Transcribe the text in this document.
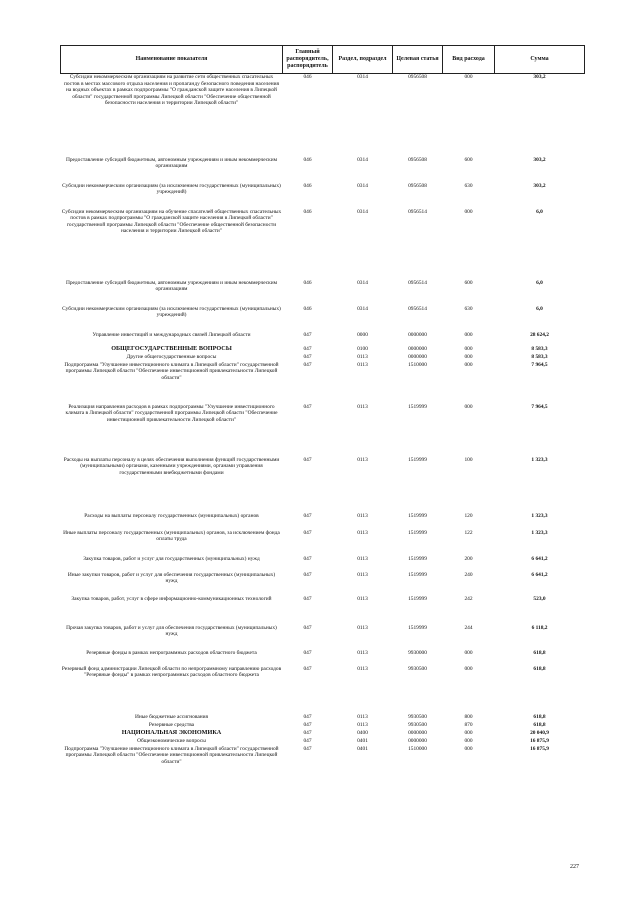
Наименование показателя	Главный распорядитель, распорядитель	Раздел, подраздел	Целевая статья	Вид расхода	Сумма
Субсидии некоммерческим организациям на развитие сети общественных спасательных постов в местах массового отдыха населения и пропаганду безопасного поведения населения на водных объектах в рамках подпрограммы "О гражданской защите населения в Липецкой области" государственной программы Липецкой области "Обеспечение общественной безопасности населения и территории Липецкой области"	046	0314	0956508	000	303,2
Предоставление субсидий бюджетным, автономным учреждениям и иным некоммерческим организациям	046	0314	0956508	600	303,2
Субсидии некоммерческим организациям (за исключением государственных (муниципальных) учреждений)	046	0314	0956508	630	303,2
Субсидии некоммерческим организациям на обучение спасателей общественных спасательных постов в рамках подпрограммы "О гражданской защите населения в Липецкой области" государственной программы Липецкой области "Обеспечение общественной безопасности населения и территории Липецкой области"	046	0314	0956514	000	6,0
Предоставление субсидий бюджетным, автономным учреждениям и иным некоммерческим организациям	046	0314	0956514	600	6,0
Субсидии некоммерческим организациям (за исключением государственных (муниципальных) учреждений)	046	0314	0956514	630	6,0
Управление инвестиций и международных связей Липецкой области	047	0000	0000000	000	28 624,2
ОБЩЕГОСУДАРСТВЕННЫЕ ВОПРОСЫ	047	0100	0000000	000	8 583,3
Другие общегосударственные вопросы	047	0113	0000000	000	8 583,3
Подпрограмма "Улучшение инвестиционного климата в Липецкой области" государственной программы Липецкой области "Обеспечение инвестиционной привлекательности Липецкой области"	047	0113	1510000	000	7 964,5
Реализация направления расходов в рамках подпрограммы "Улучшение инвестиционного климата в Липецкой области" государственной программы Липецкой области "Обеспечение инвестиционной привлекательности Липецкой области"	047	0113	1519999	000	7 964,5
Расходы на выплаты персоналу в целях обеспечения выполнения функций государственными (муниципальными) органами, казенными учреждениями, органами управления государственными внебюджетными фондами	047	0113	1519999	100	1 323,3
Расходы на выплаты персоналу государственных (муниципальных) органов	047	0113	1519999	120	1 323,3
Иные выплаты персоналу государственных (муниципальных) органов, за исключением фонда оплаты труда	047	0113	1519999	122	1 323,3
Закупка товаров, работ и услуг для государственных (муниципальных) нужд	047	0113	1519999	200	6 641,2
Иные закупки товаров, работ и услуг для обеспечения государственных (муниципальных) нужд	047	0113	1519999	240	6 641,2
Закупка товаров, работ, услуг в сфере информационно-коммуникационных технологий	047	0113	1519999	242	523,0
Прочая закупка товаров, работ и услуг для обеспечения государственных (муниципальных) нужд	047	0113	1519999	244	6 118,2
Резервные фонды в рамках непрограммных расходов областного бюджета	047	0113	9930000	000	618,8
Резервный фонд администрации Липецкой области по непрограммному направлению расходов "Резервные фонды" в рамках непрограммных расходов областного бюджета	047	0113	9930500	000	618,8
Иные бюджетные ассигнования	047	0113	9930500	800	618,8
Резервные средства	047	0113	9930500	870	618,8
НАЦИОНАЛЬНАЯ ЭКОНОМИКА	047	0400	0000000	000	20 040,9
Общеэкономические вопросы	047	0401	0000000	000	16 875,9
Подпрограмма "Улучшение инвестиционного климата в Липецкой области" государственной программы Липецкой области "Обеспечение инвестиционной привлекательности Липецкой области"	047	0401	1510000	000	16 875,9
227
